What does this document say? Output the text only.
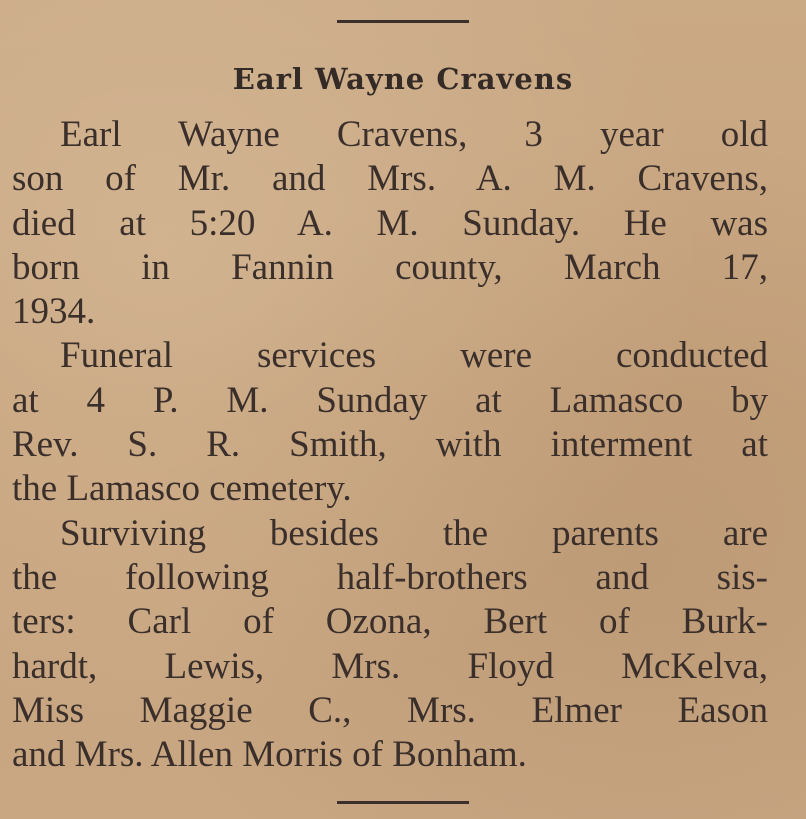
Earl Wayne Cravens
Earl Wayne Cravens, 3 year old
son of Mr. and Mrs. A. M. Cravens,
died at 5:20 A. M. Sunday. He was
born in Fannin county, March 17,
1934.
Funeral services were conducted
at 4 P. M. Sunday at Lamasco by
Rev. S. R. Smith, with interment at
the Lamasco cemetery.
Surviving besides the parents are
the following half-brothers and sis-
ters: Carl of Ozona, Bert of Burk-
hardt, Lewis, Mrs. Floyd McKelva,
Miss Maggie C., Mrs. Elmer Eason
and Mrs. Allen Morris of Bonham.
